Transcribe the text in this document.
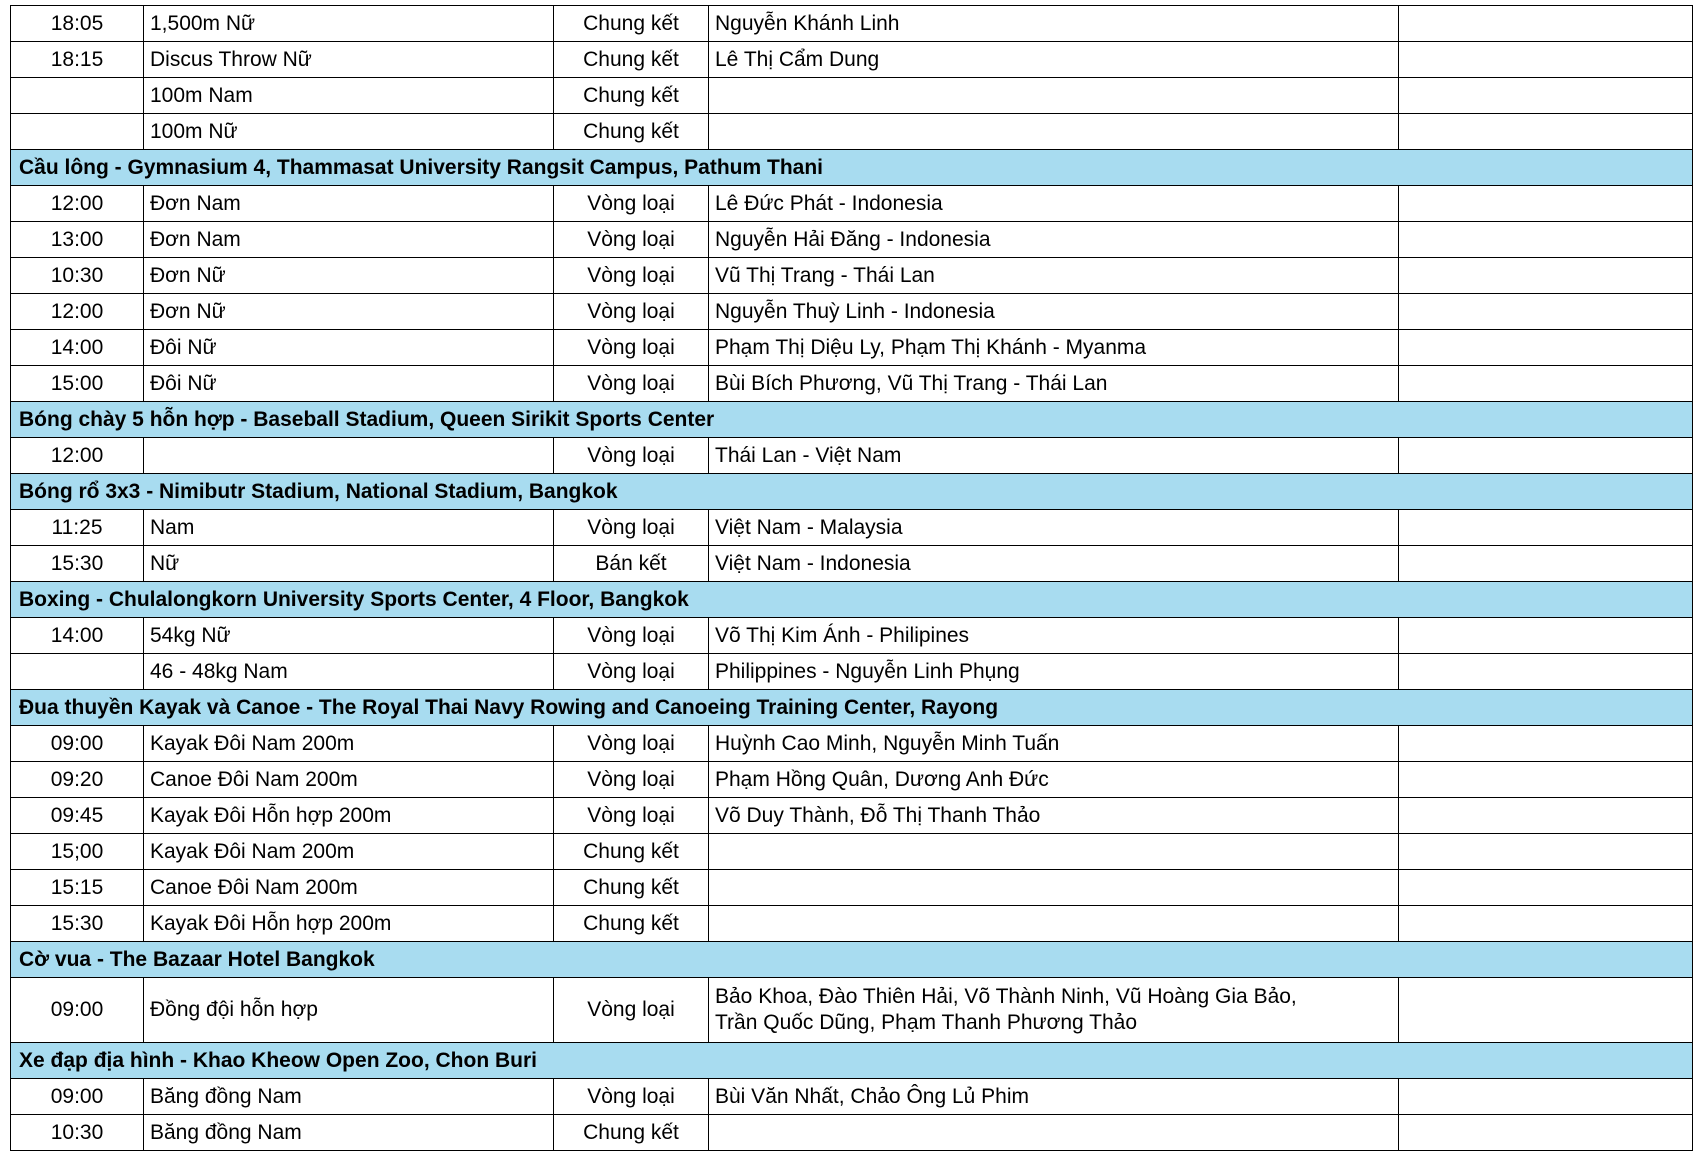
18:05	1,500m Nữ	Chung kết	Nguyễn Khánh Linh	
18:15	Discus Throw Nữ	Chung kết	Lê Thị Cẩm Dung	
	100m Nam	Chung kết		
	100m Nữ	Chung kết		
Cầu lông - Gymnasium 4, Thammasat University Rangsit Campus, Pathum Thani				
12:00	Đơn Nam	Vòng loại	Lê Đức Phát - Indonesia	
13:00	Đơn Nam	Vòng loại	Nguyễn Hải Đăng - Indonesia	
10:30	Đơn Nữ	Vòng loại	Vũ Thị Trang - Thái Lan	
12:00	Đơn Nữ	Vòng loại	Nguyễn Thuỳ Linh - Indonesia	
14:00	Đôi Nữ	Vòng loại	Phạm Thị Diệu Ly, Phạm Thị Khánh - Myanma	
15:00	Đôi Nữ	Vòng loại	Bùi Bích Phương, Vũ Thị Trang - Thái Lan	
Bóng chày 5 hỗn hợp - Baseball Stadium, Queen Sirikit Sports Center				
12:00		Vòng loại	Thái Lan - Việt Nam	
Bóng rổ 3x3 - Nimibutr Stadium, National Stadium, Bangkok				
11:25	Nam	Vòng loại	Việt Nam - Malaysia	
15:30	Nữ	Bán kết	Việt Nam - Indonesia	
Boxing - Chulalongkorn University Sports Center, 4 Floor, Bangkok				
14:00	54kg Nữ	Vòng loại	Võ Thị Kim Ánh - Philipines	
	46 - 48kg Nam	Vòng loại	Philippines - Nguyễn Linh Phụng	
Đua thuyền Kayak và Canoe - The Royal Thai Navy Rowing and Canoeing Training Center, Rayong				
09:00	Kayak Đôi Nam 200m	Vòng loại	Huỳnh Cao Minh, Nguyễn Minh Tuấn	
09:20	Canoe Đôi Nam 200m	Vòng loại	Phạm Hồng Quân, Dương Anh Đức	
09:45	Kayak Đôi Hỗn hợp 200m	Vòng loại	Võ Duy Thành, Đỗ Thị Thanh Thảo	
15;00	Kayak Đôi Nam 200m	Chung kết		
15:15	Canoe Đôi Nam 200m	Chung kết		
15:30	Kayak Đôi Hỗn hợp 200m	Chung kết		
Cờ vua - The Bazaar Hotel Bangkok				
09:00	Đồng đội hỗn hợp	Vòng loại	Bảo Khoa, Đào Thiên Hải, Võ Thành Ninh, Vũ Hoàng Gia Bảo,
Trần Quốc Dũng, Phạm Thanh Phương Thảo	

Xe đạp địa hình - Khao Kheow Open Zoo, Chon Buri				
09:00	Băng đồng Nam	Vòng loại	Bùi Văn Nhất, Chảo Ông Lủ Phim	
10:30	Băng đồng Nam	Chung kết		
